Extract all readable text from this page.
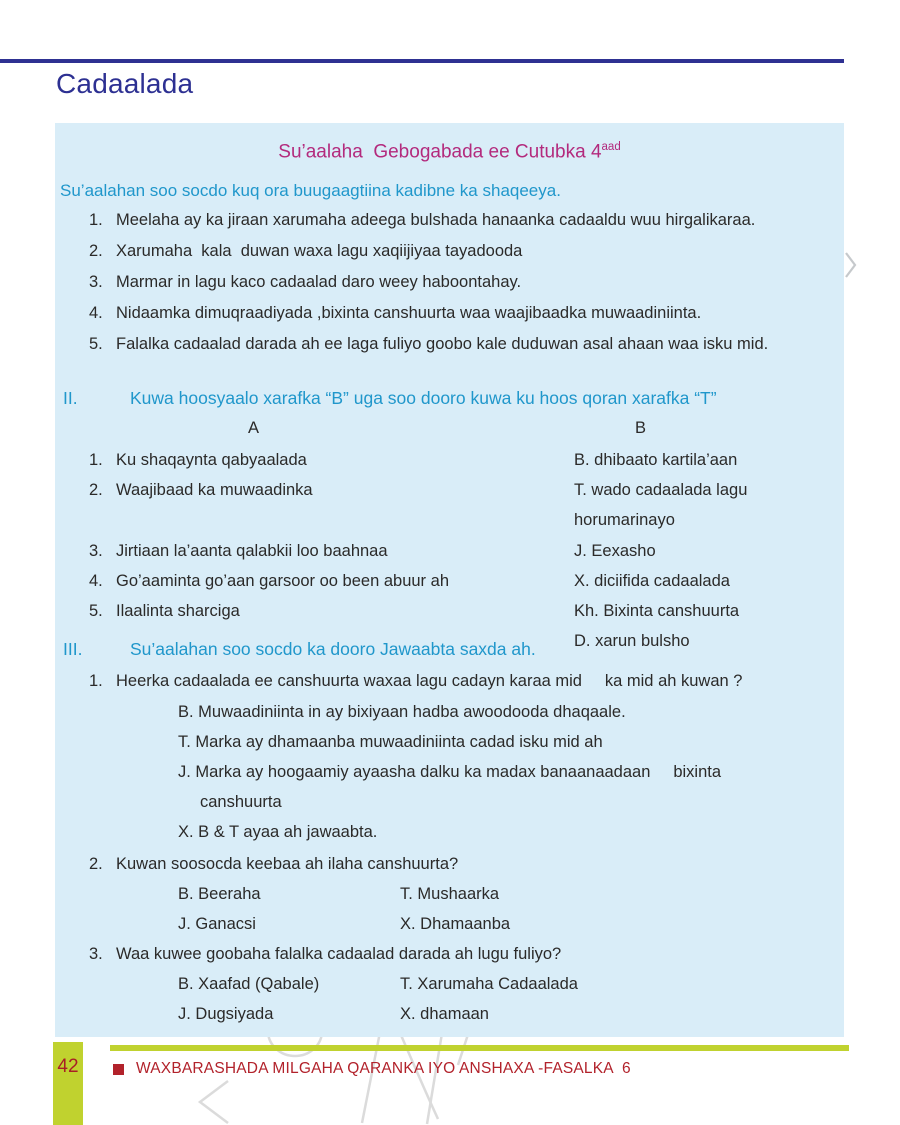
Cadaalada
Su’aalaha  Gebogabada ee Cutubka $4^{aad}$
Su’aalahan soo socdo kuq ora buugaagtiina kadibne ka shaqeeya.
1. Meelaha ay ka jiraan xarumaha adeega bulshada hanaanka cadaaldu wuu hirgalikaraa.
2. Xarumaha  kala  duwan waxa lagu xaqiijiyaa tayadooda
3. Marmar in lagu kaco cadaalad daro weey haboontahay.
4. Nidaamka dimuqraadiyada ,bixinta canshuurta waa waajibaadka muwaadiniinta.
5. Falalka cadaalad darada ah ee laga fuliyo goobo kale duduwan asal ahaan waa isku mid.
II.	Kuwa hoosyaalo xarafka “B” uga soo dooro kuwa ku hoos qoran xarafka “T”
A	B
1. Ku shaqaynta qabyaalada	B. dhibaato kartila’aan
2. Waajibaad ka muwaadinka	T. wado cadaalada lagu horumarinayo
3. Jirtiaan la’aanta qalabkii loo baahnaa	J. Eexasho
4. Go’aaminta go’aan garsoor oo been abuur ah	X. diciifida cadaalada
5. Ilaalinta sharciga	Kh. Bixinta canshuurta
D. xarun bulsho
III.	Su’aalahan soo socdo ka dooro Jawaabta saxda ah.
1. Heerka cadaalada ee canshuurta waxaa lagu cadayn karaa mid     ka mid ah kuwan ?
B. Muwaadiniinta in ay bixiyaan hadba awoodooda dhaqaale.
T. Marka ay dhamaanba muwaadiniinta cadad isku mid ah
J. Marka ay hoogaamiy ayaasha dalku ka madax banaanaadaan     bixinta
canshuurta
X. B & T ayaa ah jawaabta.
2. Kuwan soosocda keebaa ah ilaha canshuurta?
B. Beeraha	T. Mushaarka
J. Ganacsi	X. Dhamaanba
3. Waa kuwee goobaha falalka cadaalad darada ah lugu fuliyo?
B. Xaafad (Qabale)	T. Xarumaha Cadaalada
J. Dugsiyada	X. dhamaan
42	WAXBARASHADA MILGAHA QARANKA IYO ANSHAXA -FASALKA  6
